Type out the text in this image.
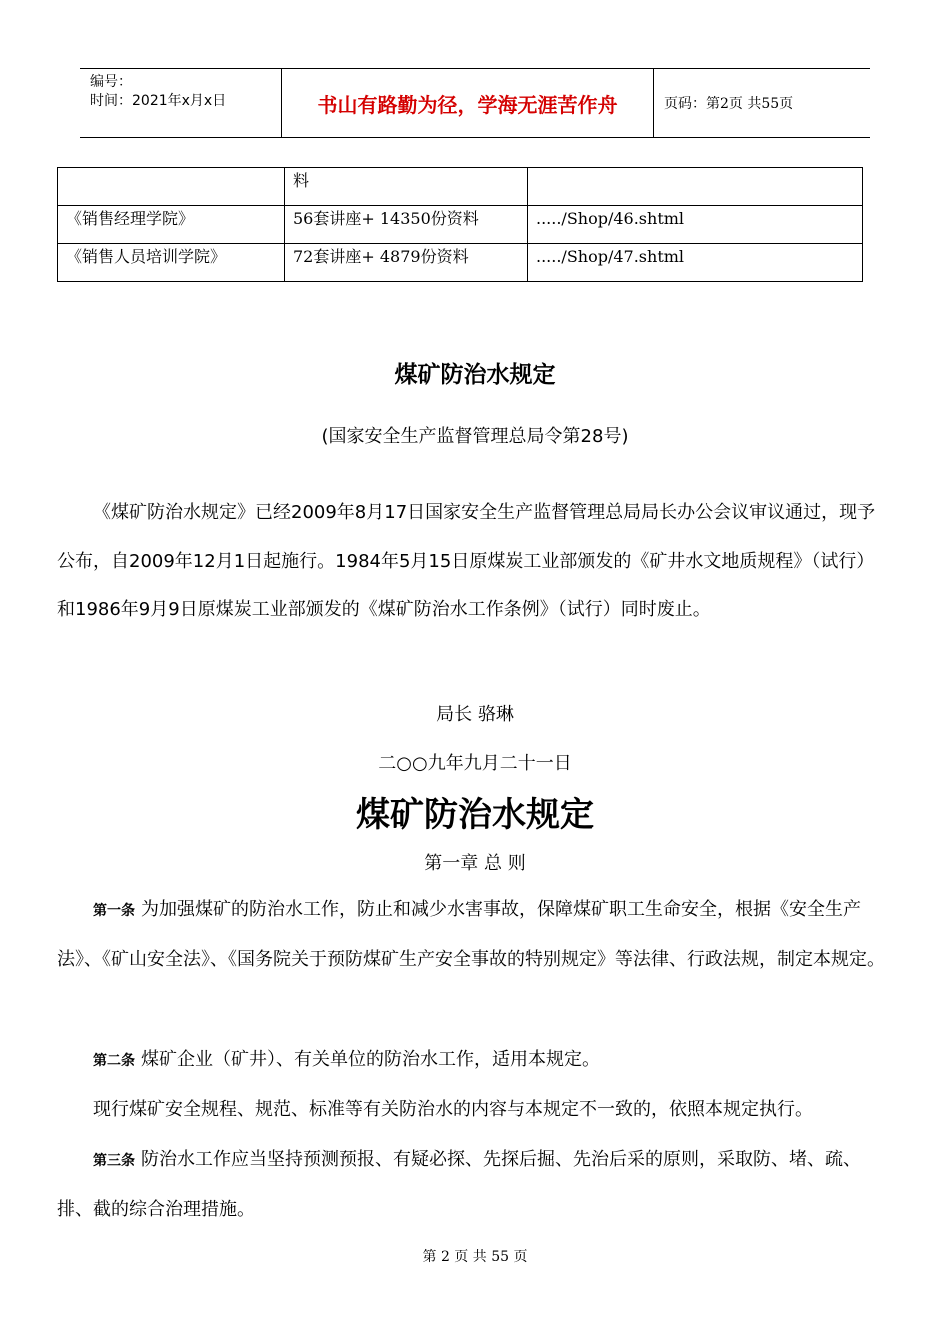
编号：
时间：2021年x月x日	书山有路勤为径，学海无涯苦作舟	页码：第2页 共55页
	料	
《销售经理学院》	56套讲座+ 14350份资料	...../Shop/46.shtml
《销售人员培训学院》	72套讲座+ 4879份资料	...../Shop/47.shtml
煤矿防治水规定
(国家安全生产监督管理总局令第28号)

《煤矿防治水规定》已经2009年8月17日国家安全生产监督管理总局局长办公会议审议通过，现予公布，自2009年12月1日起施行。1984年5月15日原煤炭工业部颁发的《矿井水文地质规程》（试行）和1986年9月9日原煤炭工业部颁发的《煤矿防治水工作条例》（试行）同时废止。

局长 骆琳
二○○九年九月二十一日
煤矿防治水规定
第一章 总 则

第一条 为加强煤矿的防治水工作，防止和减少水害事故，保障煤矿职工生命安全，根据《安全生产法》、《矿山安全法》、《国务院关于预防煤矿生产安全事故的特别规定》等法律、行政法规，制定本规定。

第二条 煤矿企业（矿井）、有关单位的防治水工作，适用本规定。

现行煤矿安全规程、规范、标准等有关防治水的内容与本规定不一致的，依照本规定执行。

第三条 防治水工作应当坚持预测预报、有疑必探、先探后掘、先治后采的原则，采取防、堵、疏、排、截的综合治理措施。

第 2 页 共 55 页
